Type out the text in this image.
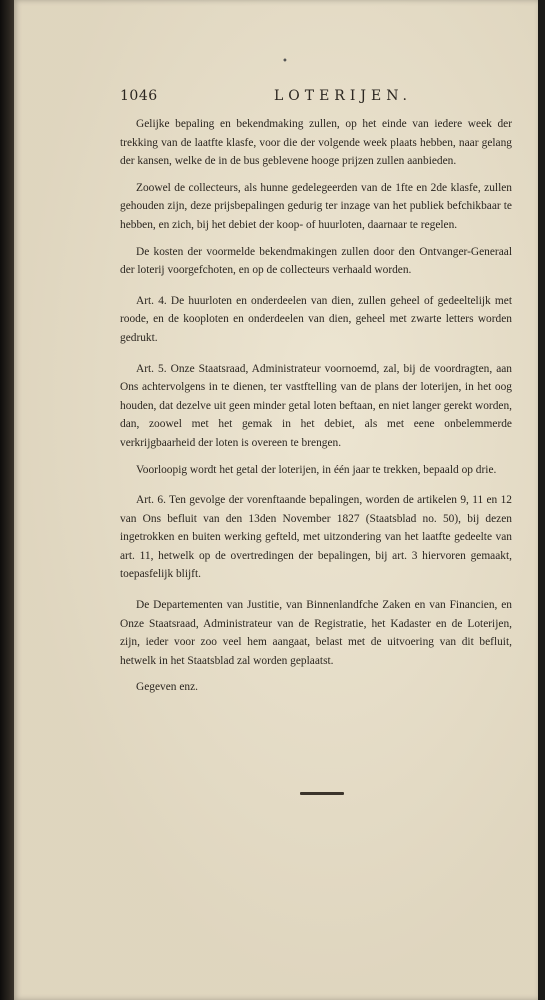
•
1046	LOTERIJEN.

Gelijke bepaling en bekendmaking zullen, op het einde van iedere week der trekking van de laatfte klasfe, voor die der volgende week plaats hebben, naar gelang der kansen, welke de in de bus geblevene hooge prijzen zullen aanbieden.

Zoowel de collecteurs, als hunne gedelegeerden van de 1fte en 2de klasfe, zullen gehouden zijn, deze prijsbepalingen gedurig ter inzage van het publiek befchikbaar te hebben, en zich, bij het debiet der koop- of huurloten, daarnaar te regelen.

De kosten der voormelde bekendmakingen zullen door den Ontvanger-Generaal der loterij voorgefchoten, en op de collecteurs verhaald worden.

Art. 4. De huurloten en onderdeelen van dien, zullen geheel of gedeeltelijk met roode, en de kooploten en onderdeelen van dien, geheel met zwarte letters worden gedrukt.

Art. 5. Onze Staatsraad, Administrateur voornoemd, zal, bij de voordragten, aan Ons achtervolgens in te dienen, ter vastftelling van de plans der loterijen, in het oog houden, dat dezelve uit geen minder getal loten beftaan, en niet langer gerekt worden, dan, zoowel met het gemak in het debiet, als met eene onbelemmerde verkrijgbaarheid der loten is overeen te brengen.

Voorloopig wordt het getal der loterijen, in één jaar te trekken, bepaald op drie.

Art. 6. Ten gevolge der vorenftaande bepalingen, worden de artikelen 9, 11 en 12 van Ons befluit van den 13den November 1827 (Staatsblad no. 50), bij dezen ingetrokken en buiten werking gefteld, met uitzondering van het laatfte gedeelte van art. 11, hetwelk op de overtredingen der bepalingen, bij art. 3 hiervoren gemaakt, toepasfelijk blijft.

De Departementen van Justitie, van Binnenlandfche Zaken en van Financien, en Onze Staatsraad, Administrateur van de Registratie, het Kadaster en de Loterijen, zijn, ieder voor zoo veel hem aangaat, belast met de uitvoering van dit befluit, hetwelk in het Staatsblad zal worden geplaatst.

Gegeven enz.
